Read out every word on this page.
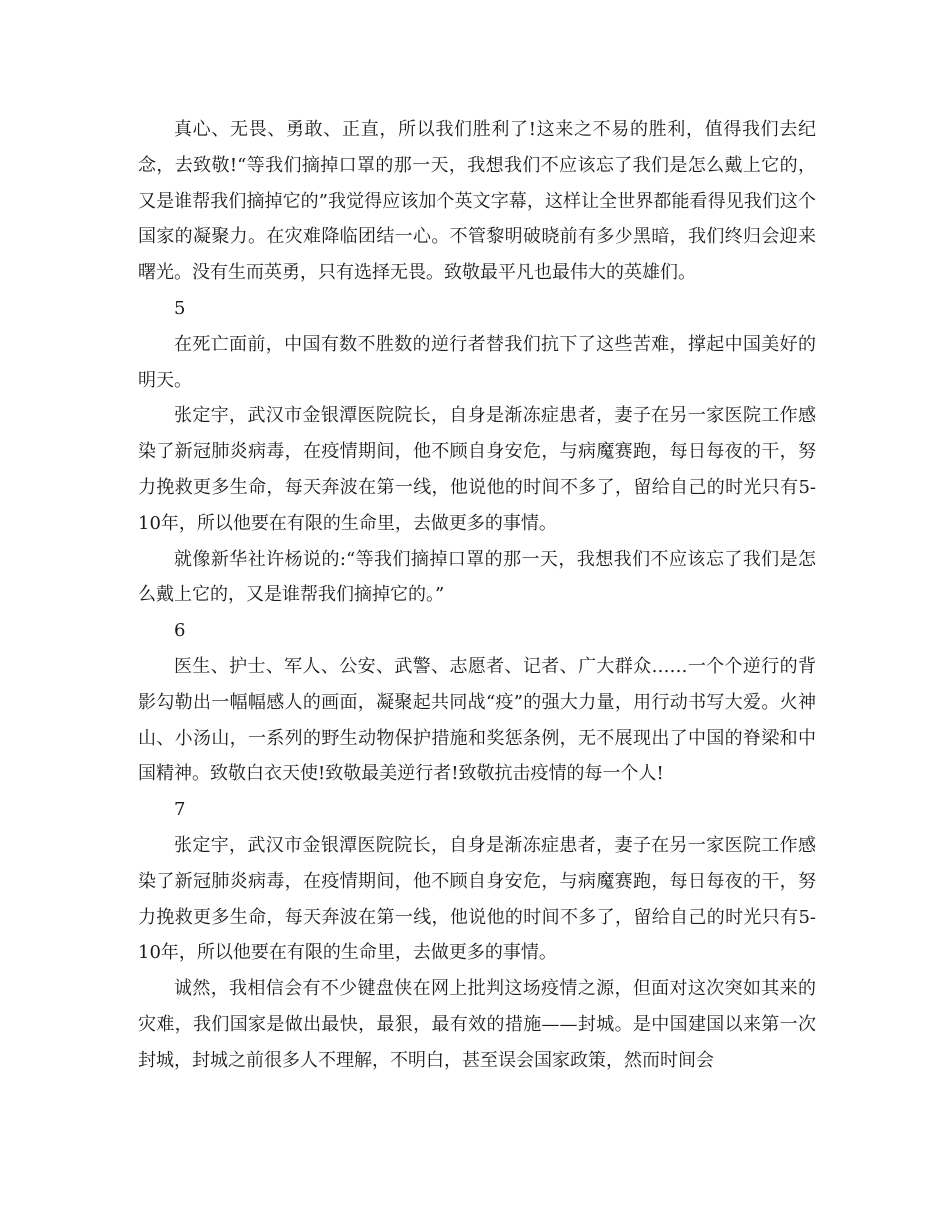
真心、无畏、勇敢、正直，所以我们胜利了!这来之不易的胜利，值得我们去纪念，去致敬!“等我们摘掉口罩的那一天，我想我们不应该忘了我们是怎么戴上它的，又是谁帮我们摘掉它的”我觉得应该加个英文字幕，这样让全世界都能看得见我们这个国家的凝聚力。在灾难降临团结一心。不管黎明破晓前有多少黑暗，我们终归会迎来曙光。没有生而英勇，只有选择无畏。致敬最平凡也最伟大的英雄们。

5

在死亡面前，中国有数不胜数的逆行者替我们抗下了这些苦难，撑起中国美好的明天。

张定宇，武汉市金银潭医院院长，自身是渐冻症患者，妻子在另一家医院工作感染了新冠肺炎病毒，在疫情期间，他不顾自身安危，与病魔赛跑，每日每夜的干，努力挽救更多生命，每天奔波在第一线，他说他的时间不多了，留给自己的时光只有5-10年，所以他要在有限的生命里，去做更多的事情。

就像新华社许杨说的:“等我们摘掉口罩的那一天，我想我们不应该忘了我们是怎么戴上它的，又是谁帮我们摘掉它的。”

6

医生、护士、军人、公安、武警、志愿者、记者、广大群众……一个个逆行的背影勾勒出一幅幅感人的画面，凝聚起共同战“疫”的强大力量，用行动书写大爱。火神山、小汤山，一系列的野生动物保护措施和奖惩条例，无不展现出了中国的脊梁和中国精神。致敬白衣天使!致敬最美逆行者!致敬抗击疫情的每一个人!

7

张定宇，武汉市金银潭医院院长，自身是渐冻症患者，妻子在另一家医院工作感染了新冠肺炎病毒，在疫情期间，他不顾自身安危，与病魔赛跑，每日每夜的干，努力挽救更多生命，每天奔波在第一线，他说他的时间不多了，留给自己的时光只有5-10年，所以他要在有限的生命里，去做更多的事情。

诚然，我相信会有不少键盘侠在网上批判这场疫情之源，但面对这次突如其来的灾难，我们国家是做出最快，最狠，最有效的措施——封城。是中国建国以来第一次封城，封城之前很多人不理解，不明白，甚至误会国家政策，然而时间会
